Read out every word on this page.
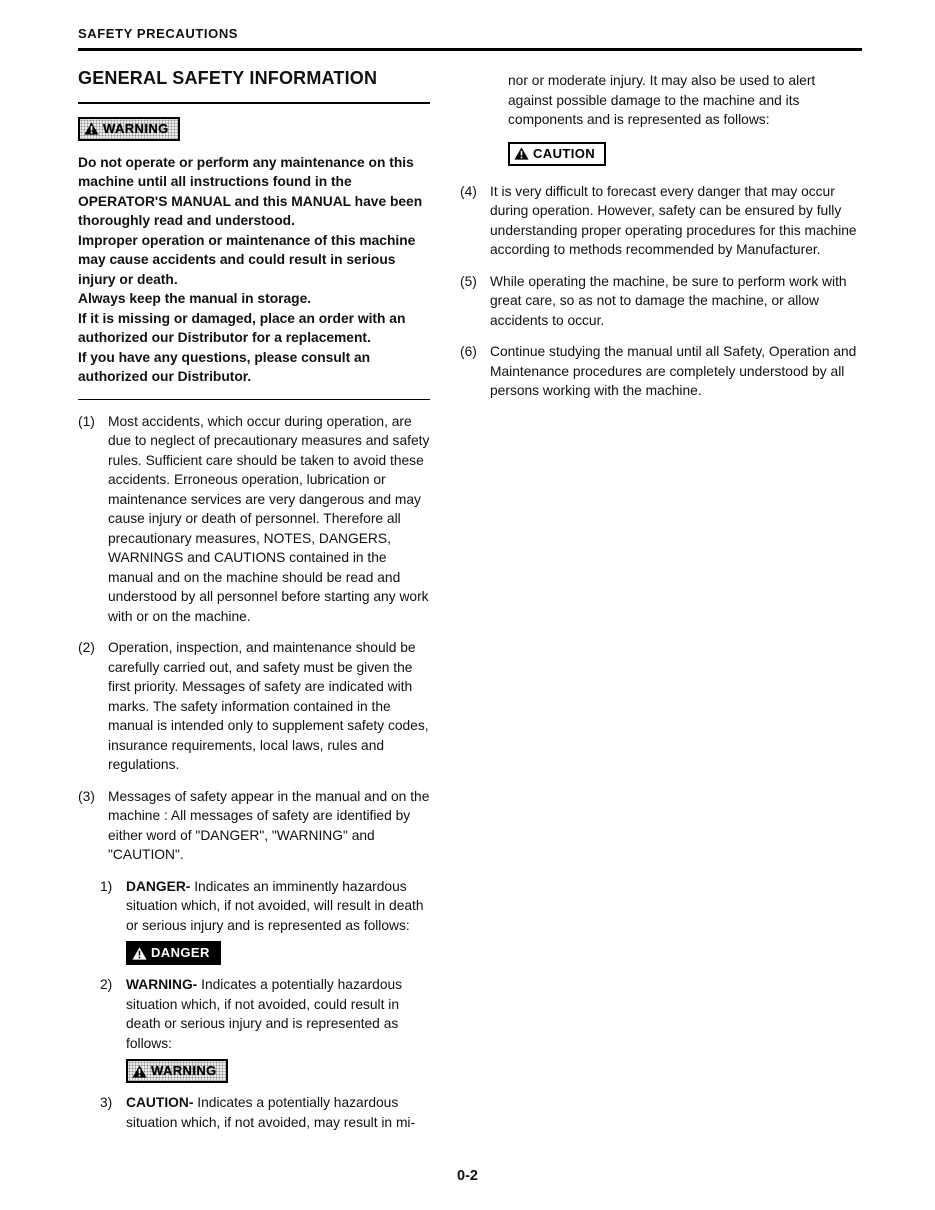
SAFETY PRECAUTIONS
GENERAL SAFETY INFORMATION
WARNING

Do not operate or perform any maintenance on this machine until all instructions found in the OPERATOR'S MANUAL and this MANUAL have been thoroughly read and understood.

Improper operation or maintenance of this machine may cause accidents and could result in serious injury or death.

Always keep the manual in storage.

If it is missing or damaged, place an order with an authorized our Distributor for a replacement.

If you have any questions, please consult an authorized our Distributor.

(1) Most accidents, which occur during operation, are due to neglect of precautionary measures and safety rules. Sufficient care should be taken to avoid these accidents. Erroneous operation, lubrication or maintenance services are very dangerous and may cause injury or death of personnel. Therefore all precautionary measures, NOTES, DANGERS, WARNINGS and CAUTIONS contained in the manual and on the machine should be read and understood by all personnel before starting any work with or on the machine.
(2) Operation, inspection, and maintenance should be carefully carried out, and safety must be given the first priority. Messages of safety are indicated with marks. The safety information contained in the manual is intended only to supplement safety codes, insurance requirements, local laws, rules and regulations.
(3) Messages of safety appear in the manual and on the machine : All messages of safety are identified by either word of "DANGER", "WARNING" and "CAUTION".
1) DANGER- Indicates an imminently hazardous situation which, if not avoided, will result in death or serious injury and is represented as follows:
DANGER
2) WARNING- Indicates a potentially hazardous situation which, if not avoided, could result in death or serious injury and is represented as follows:
WARNING
3) CAUTION- Indicates a potentially hazardous situation which, if not avoided, may result in mi-

nor or moderate injury. It may also be used to alert against possible damage to the machine and its components and is represented as follows:

CAUTION
(4) It is very difficult to forecast every danger that may occur during operation. However, safety can be ensured by fully understanding proper operating procedures for this machine according to methods recommended by Manufacturer.
(5) While operating the machine, be sure to perform work with great care, so as not to damage the machine, or allow accidents to occur.
(6) Continue studying the manual until all Safety, Operation and Maintenance procedures are completely understood by all persons working with the machine.
0-2
